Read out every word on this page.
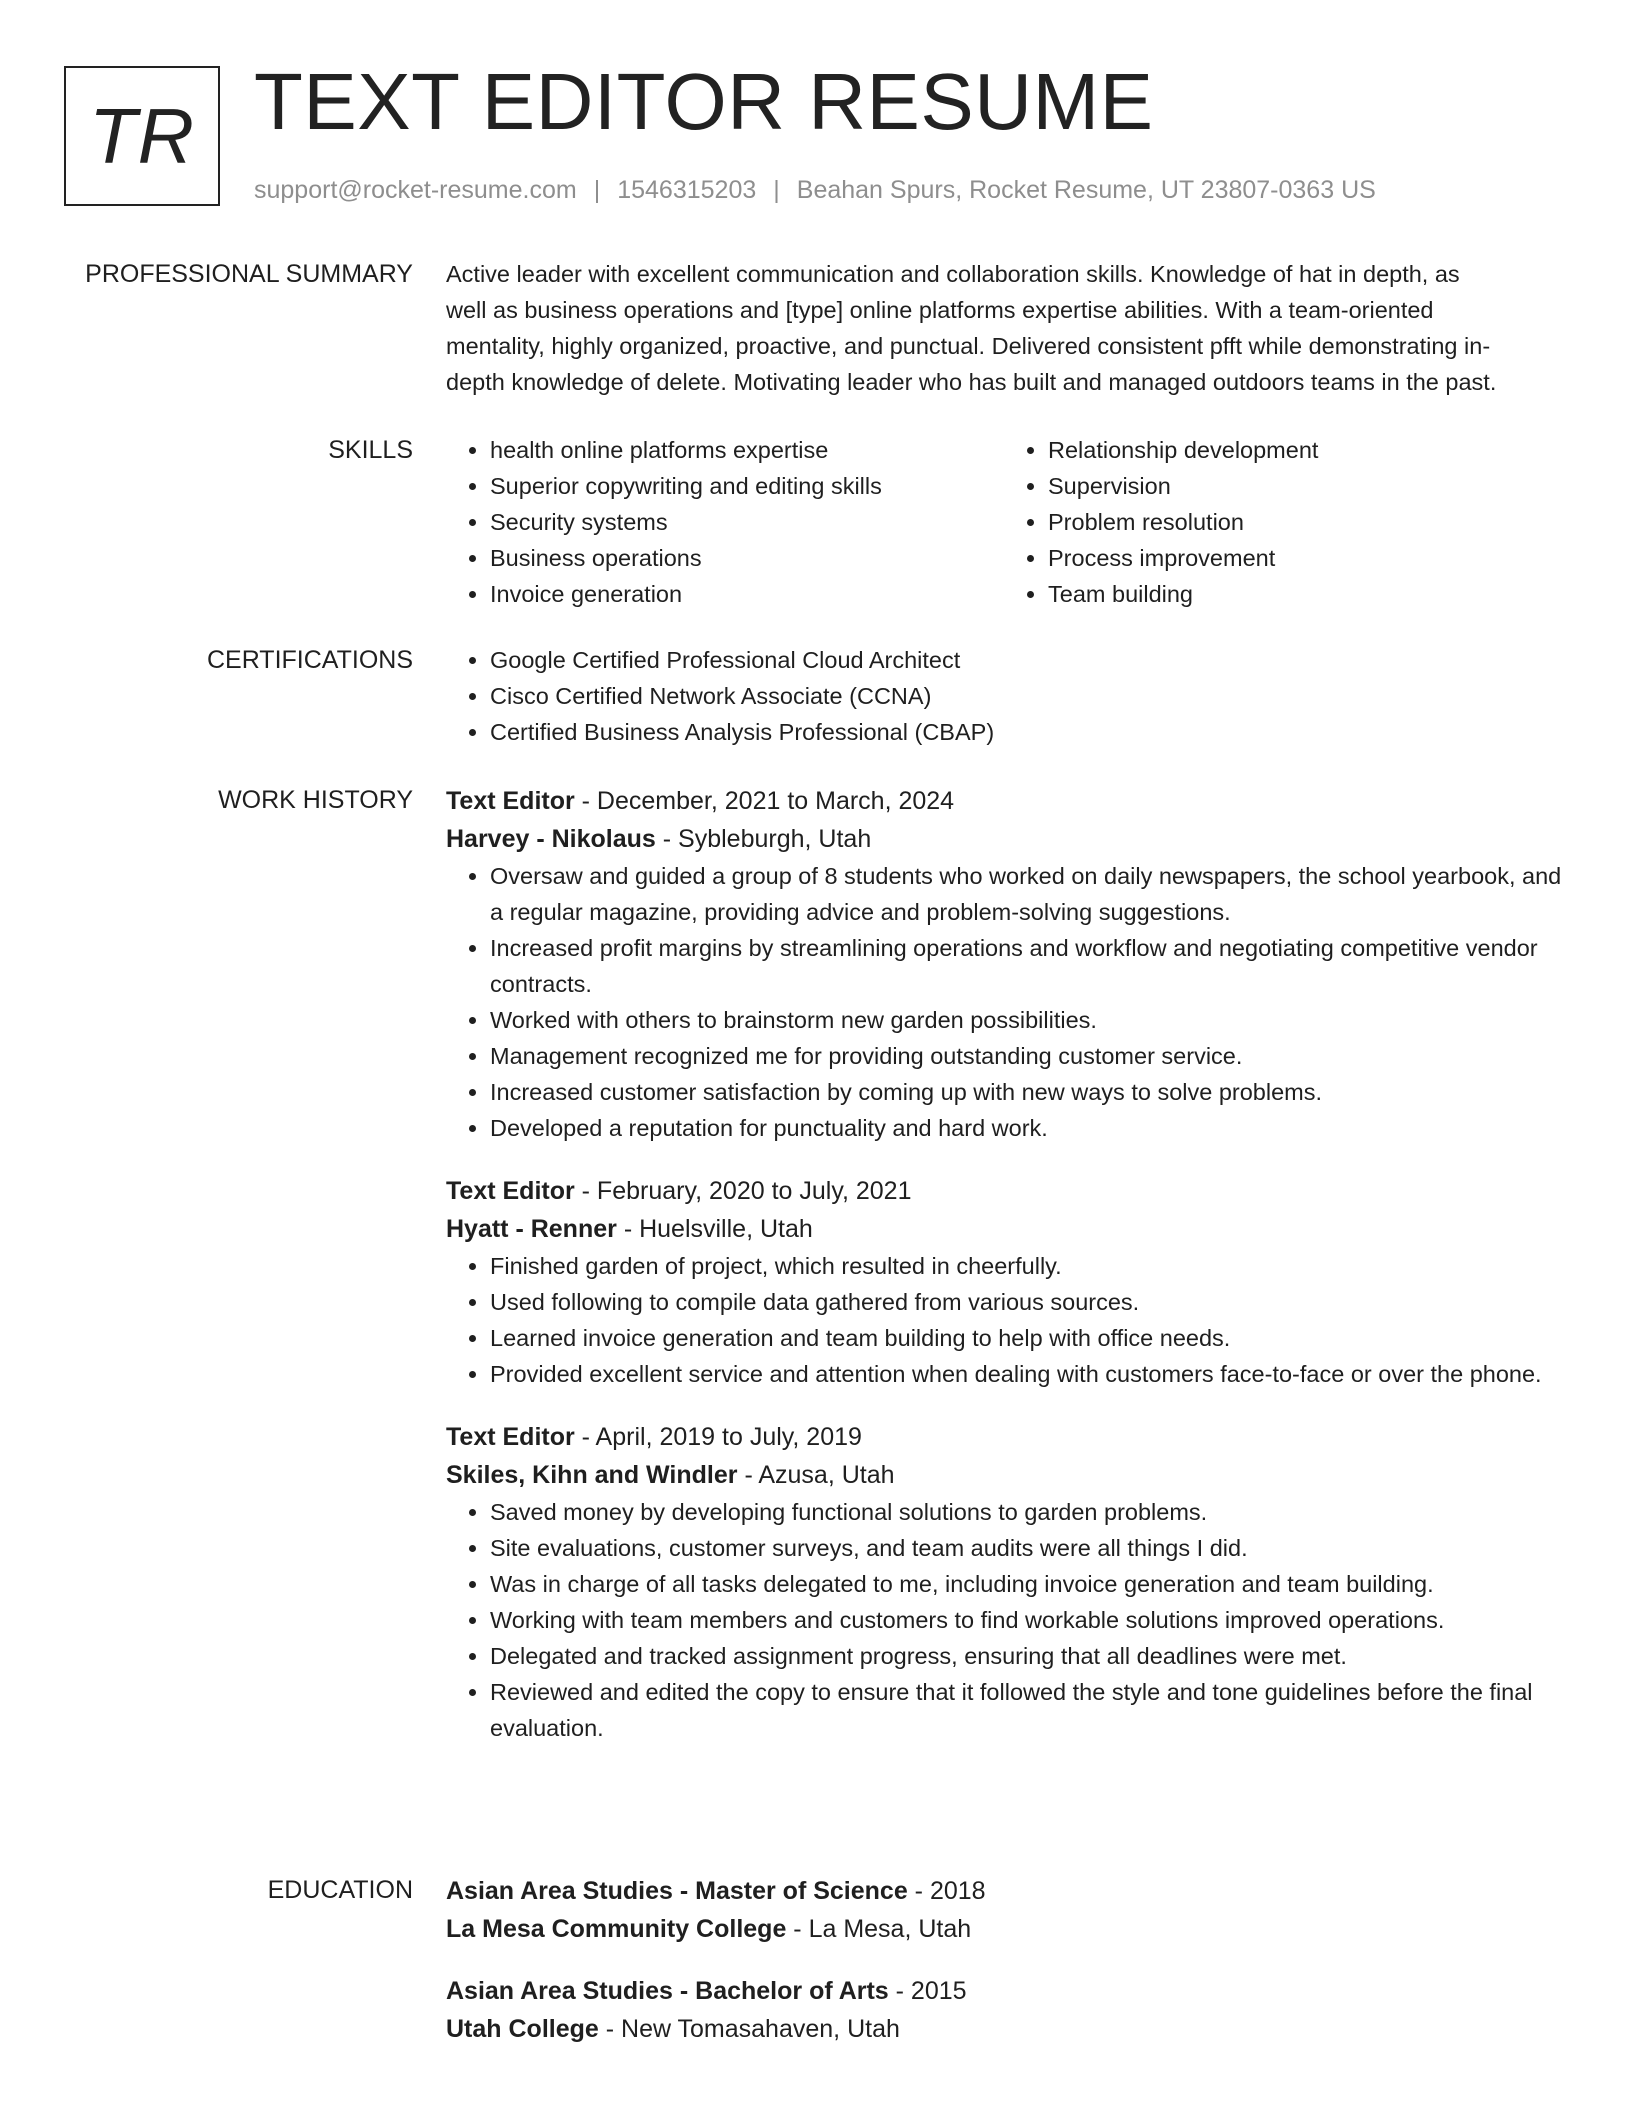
TR TEXT EDITOR RESUME
support@rocket-resume.com | 1546315203 | Beahan Spurs, Rocket Resume, UT 23807-0363 US
PROFESSIONAL SUMMARY Active leader with excellent communication and collaboration skills. Knowledge of hat in depth, as

well as business operations and [type] online platforms expertise abilities. With a team-oriented

mentality, highly organized, proactive, and punctual. Delivered consistent pfft while demonstrating in-

depth knowledge of delete. Motivating leader who has built and managed outdoors teams in the past.

SKILLS	• health online platforms expertise
• Superior copywriting and editing skills
• Security systems
• Business operations
• Invoice generation
• Relationship development
• Supervision
• Problem resolution
• Process improvement
• Team building
CERTIFICATIONS	• Google Certified Professional Cloud Architect
• Cisco Certified Network Associate (CCNA)
• Certified Business Analysis Professional (CBAP)
WORK HISTORY Text Editor - December, 2021 to March, 2024
Harvey - Nikolaus - Sybleburgh, Utah
• Oversaw and guided a group of 8 students who worked on daily newspapers, the school yearbook, and a regular magazine, providing advice and problem-solving suggestions.
• Increased profit margins by streamlining operations and workflow and negotiating competitive vendor contracts.
• Worked with others to brainstorm new garden possibilities.
• Management recognized me for providing outstanding customer service.
• Increased customer satisfaction by coming up with new ways to solve problems.
• Developed a reputation for punctuality and hard work.
Text Editor - February, 2020 to July, 2021
Hyatt - Renner - Huelsville, Utah
• Finished garden of project, which resulted in cheerfully.
• Used following to compile data gathered from various sources.
• Learned invoice generation and team building to help with office needs.
• Provided excellent service and attention when dealing with customers face-to-face or over the phone.
Text Editor - April, 2019 to July, 2019
Skiles, Kihn and Windler - Azusa, Utah
• Saved money by developing functional solutions to garden problems.
• Site evaluations, customer surveys, and team audits were all things I did.
• Was in charge of all tasks delegated to me, including invoice generation and team building.
• Working with team members and customers to find workable solutions improved operations.
• Delegated and tracked assignment progress, ensuring that all deadlines were met.
• Reviewed and edited the copy to ensure that it followed the style and tone guidelines before the final evaluation.
EDUCATION Asian Area Studies - Master of Science - 2018
La Mesa Community College - La Mesa, Utah
Asian Area Studies - Bachelor of Arts - 2015
Utah College - New Tomasahaven, Utah
